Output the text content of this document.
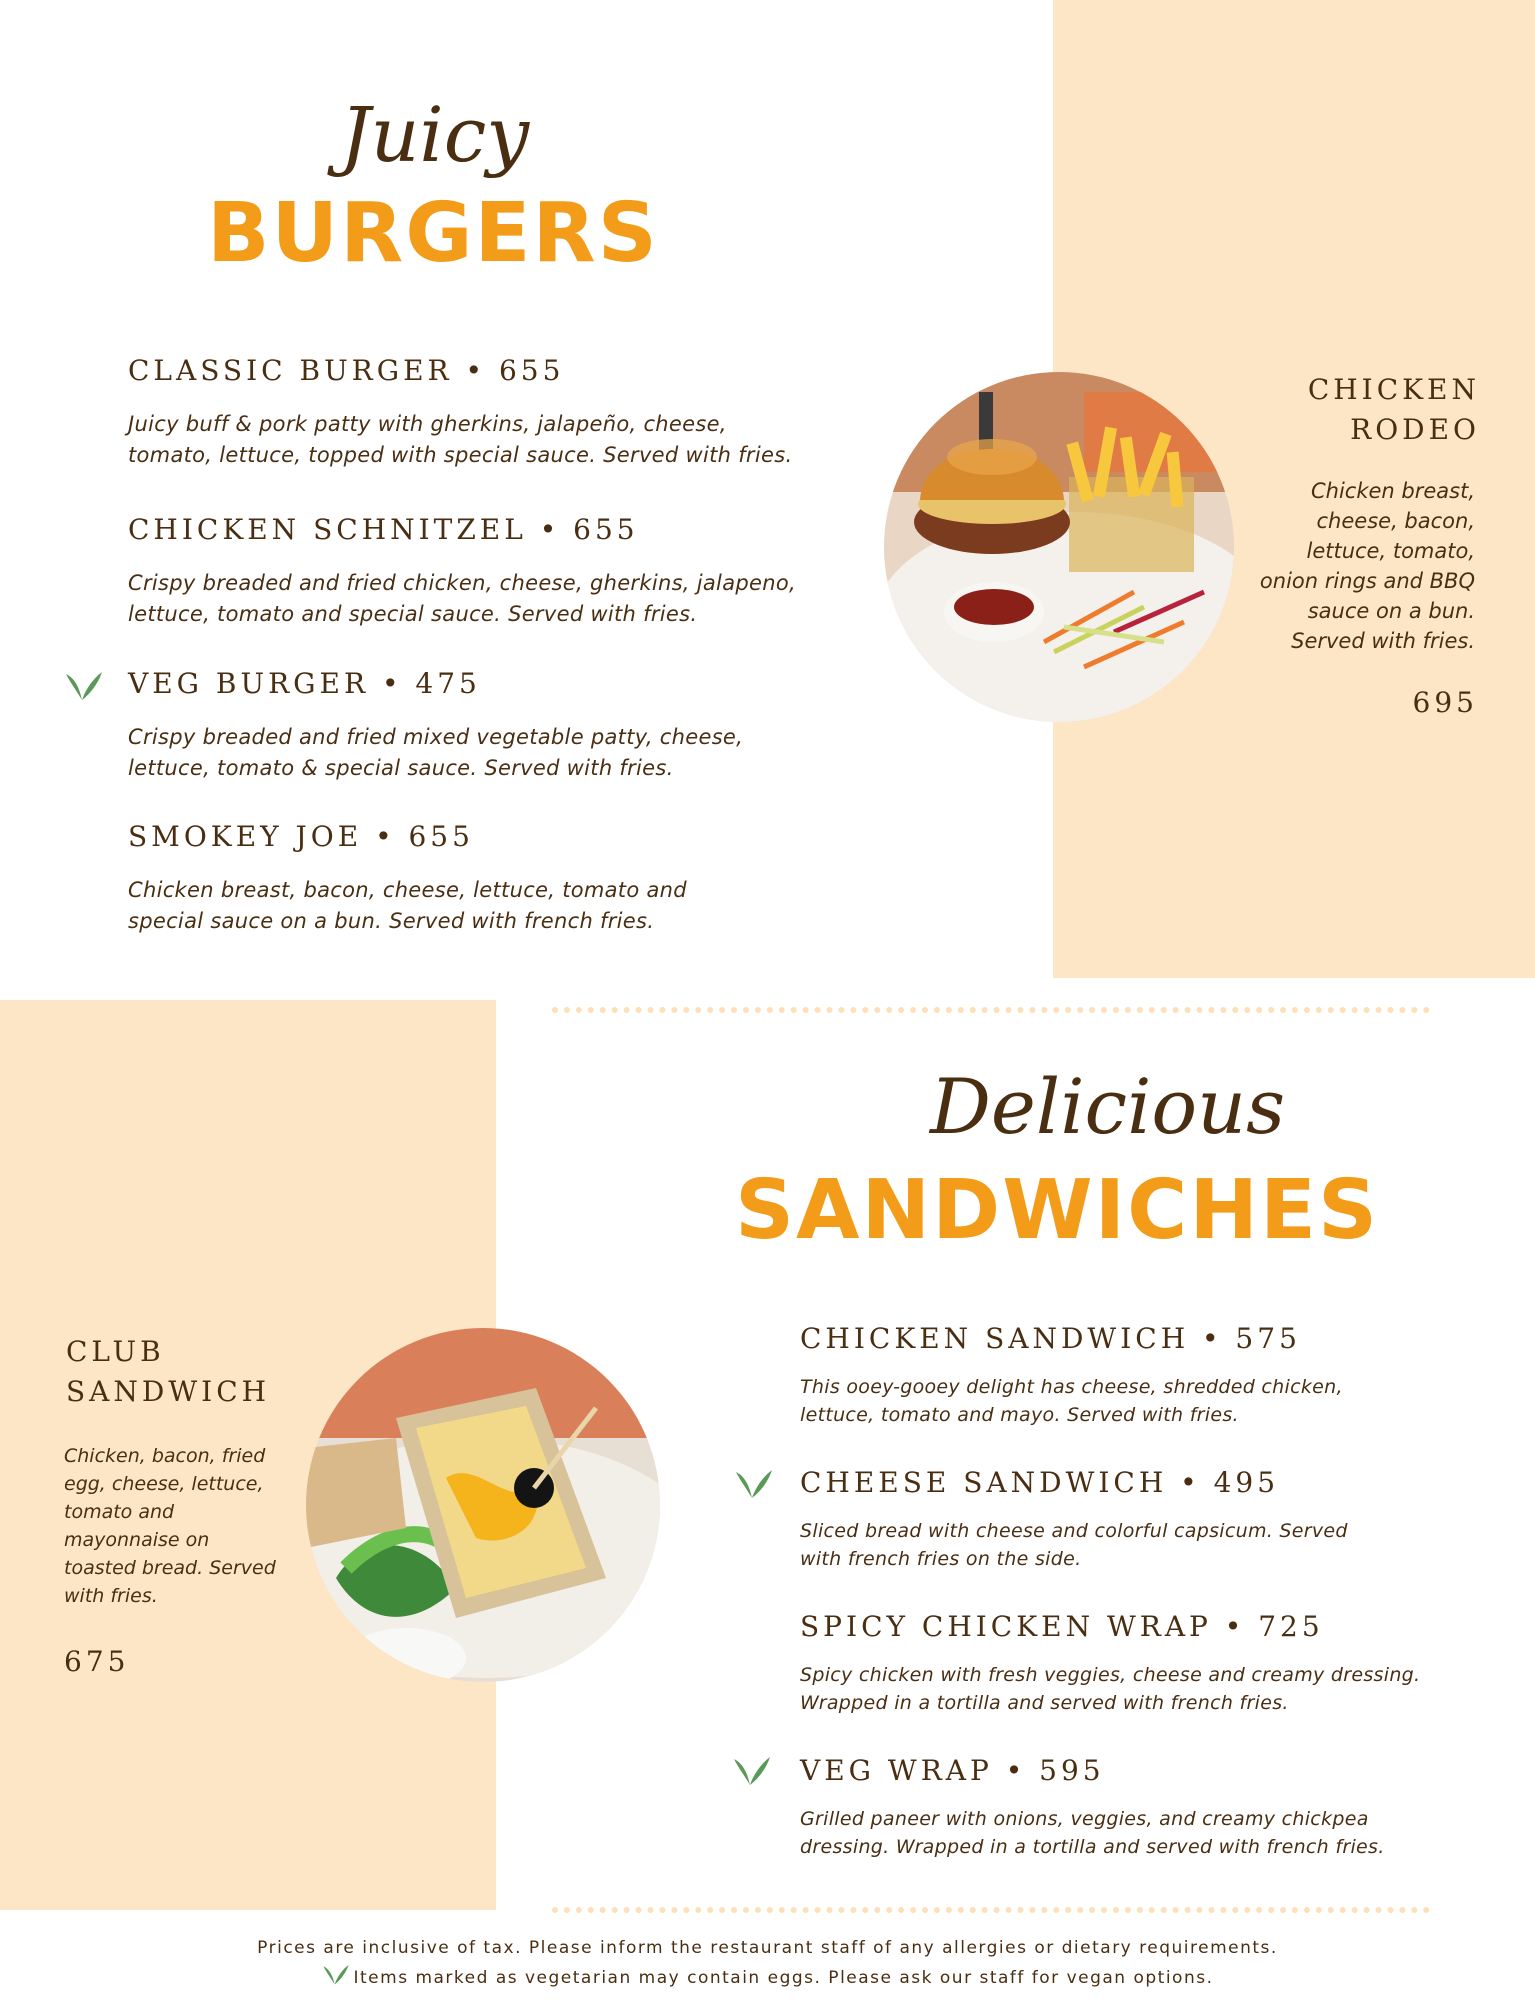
BURGERS
Juicy
CLASSIC BURGER • 655
Juicy buff & pork patty with gherkins, jalapeño, cheese,
tomato, lettuce, topped with special sauce. Served with fries.
CHICKEN SCHNITZEL • 655
Crispy breaded and fried chicken, cheese, gherkins, jalapeno,
lettuce, tomato and special sauce. Served with fries.
VEG BURGER • 475
Crispy breaded and fried mixed vegetable patty, cheese,
lettuce, tomato & special sauce. Served with fries.
SMOKEY JOE • 655
Chicken breast, bacon, cheese, lettuce, tomato and
special sauce on a bun. Served with french fries.
CHICKEN
RODEO
Chicken breast,
cheese, bacon,
lettuce, tomato,
onion rings and BBQ
sauce on a bun.
Served with fries.
695
SANDWICHES
Delicious
CLUB
SANDWICH
Chicken, bacon, fried
egg, cheese, lettuce,
tomato and
mayonnaise on
toasted bread. Served
with fries.
675
CHICKEN SANDWICH • 575
This ooey-gooey delight has cheese, shredded chicken,
lettuce, tomato and mayo. Served with fries.
CHEESE SANDWICH • 495
Sliced bread with cheese and colorful capsicum. Served
with french fries on the side.
SPICY CHICKEN WRAP • 725
Spicy chicken with fresh veggies, cheese and creamy dressing.
Wrapped in a tortilla and served with french fries.
VEG WRAP • 595
Grilled paneer with onions, veggies, and creamy chickpea
dressing. Wrapped in a tortilla and served with french fries.
Prices are inclusive of tax. Please inform the restaurant staff of any allergies or dietary requirements.
Items marked as vegetarian may contain eggs. Please ask our staff for vegan options.
